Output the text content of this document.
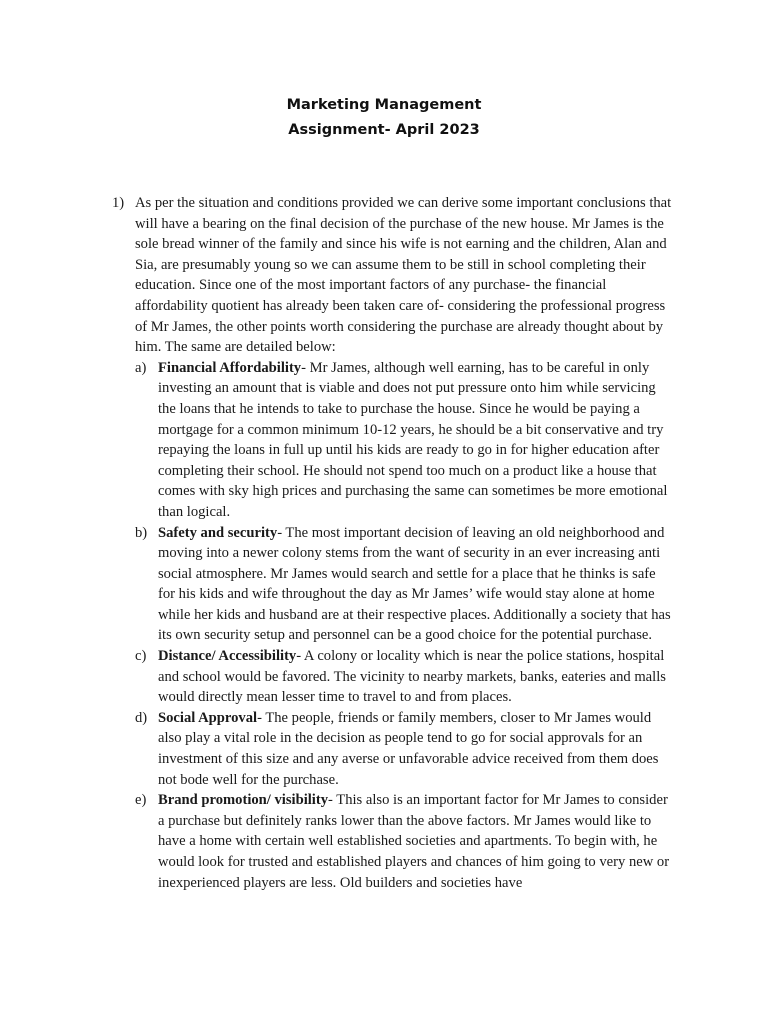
Marketing Management
Assignment- April 2023
1) As per the situation and conditions provided we can derive some important conclusions that will have a bearing on the final decision of the purchase of the new house. Mr James is the sole bread winner of the family and since his wife is not earning and the children, Alan and Sia, are presumably young so we can assume them to be still in school completing their education. Since one of the most important factors of any purchase- the financial affordability quotient has already been taken care of- considering the professional progress of Mr James, the other points worth considering the purchase are already thought about by him. The same are detailed below:
a) Financial Affordability- Mr James, although well earning, has to be careful in only investing an amount that is viable and does not put pressure onto him while servicing the loans that he intends to take to purchase the house. Since he would be paying a mortgage for a common minimum 10-12 years, he should be a bit conservative and try repaying the loans in full up until his kids are ready to go in for higher education after completing their school. He should not spend too much on a product like a house that comes with sky high prices and purchasing the same can sometimes be more emotional than logical.
b) Safety and security- The most important decision of leaving an old neighborhood and moving into a newer colony stems from the want of security in an ever increasing anti social atmosphere. Mr James would search and settle for a place that he thinks is safe for his kids and wife throughout the day as Mr James’ wife would stay alone at home while her kids and husband are at their respective places. Additionally a society that has its own security setup and personnel can be a good choice for the potential purchase.
c) Distance/ Accessibility- A colony or locality which is near the police stations, hospital and school would be favored. The vicinity to nearby markets, banks, eateries and malls would directly mean lesser time to travel to and from places.
d) Social Approval- The people, friends or family members, closer to Mr James would also play a vital role in the decision as people tend to go for social approvals for an investment of this size and any averse or unfavorable advice received from them does not bode well for the purchase.
e) Brand promotion/ visibility- This also is an important factor for Mr James to consider a purchase but definitely ranks lower than the above factors. Mr James would like to have a home with certain well established societies and apartments. To begin with, he would look for trusted and established players and chances of him going to very new or inexperienced players are less. Old builders and societies have
